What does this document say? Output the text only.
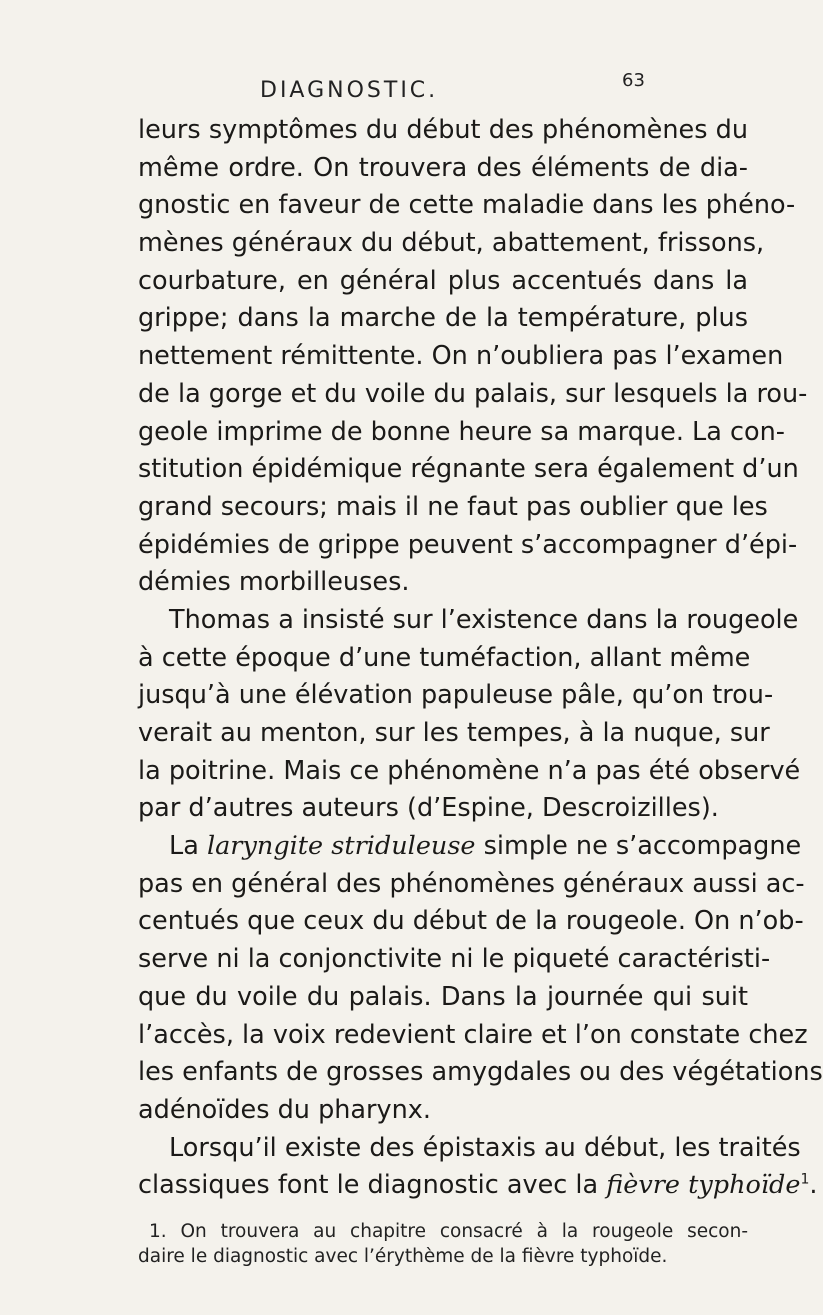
DIAGNOSTIC.	63
leurs symptômes du début des phénomènes du
même ordre. On trouvera des éléments de dia-
gnostic en faveur de cette maladie dans les phéno-
mènes généraux du début, abattement, frissons,
courbature, en général plus accentués dans la
grippe; dans la marche de la température, plus
nettement rémittente. On n’oubliera pas l’examen
de la gorge et du voile du palais, sur lesquels la rou-
geole imprime de bonne heure sa marque. La con-
stitution épidémique régnante sera également d’un
grand secours; mais il ne faut pas oublier que les
épidémies de grippe peuvent s’accompagner d’épi-
démies morbilleuses.
Thomas a insisté sur l’existence dans la rougeole
à cette époque d’une tuméfaction, allant même
jusqu’à une élévation papuleuse pâle, qu’on trou-
verait au menton, sur les tempes, à la nuque, sur
la poitrine. Mais ce phénomène n’a pas été observé
par d’autres auteurs (d’Espine, Descroizilles).
La laryngite striduleuse simple ne s’accompagne
pas en général des phénomènes généraux aussi ac-
centués que ceux du début de la rougeole. On n’ob-
serve ni la conjonctivite ni le piqueté caractéristi-
que du voile du palais. Dans la journée qui suit
l’accès, la voix redevient claire et l’on constate chez
les enfants de grosses amygdales ou des végétations
adénoïdes du pharynx.
Lorsqu’il existe des épistaxis au début, les traités
classiques font le diagnostic avec la fièvre typhoïde$^1$.
1. On trouvera au chapitre consacré à la rougeole secon-
daire le diagnostic avec l’érythème de la fièvre typhoïde.
